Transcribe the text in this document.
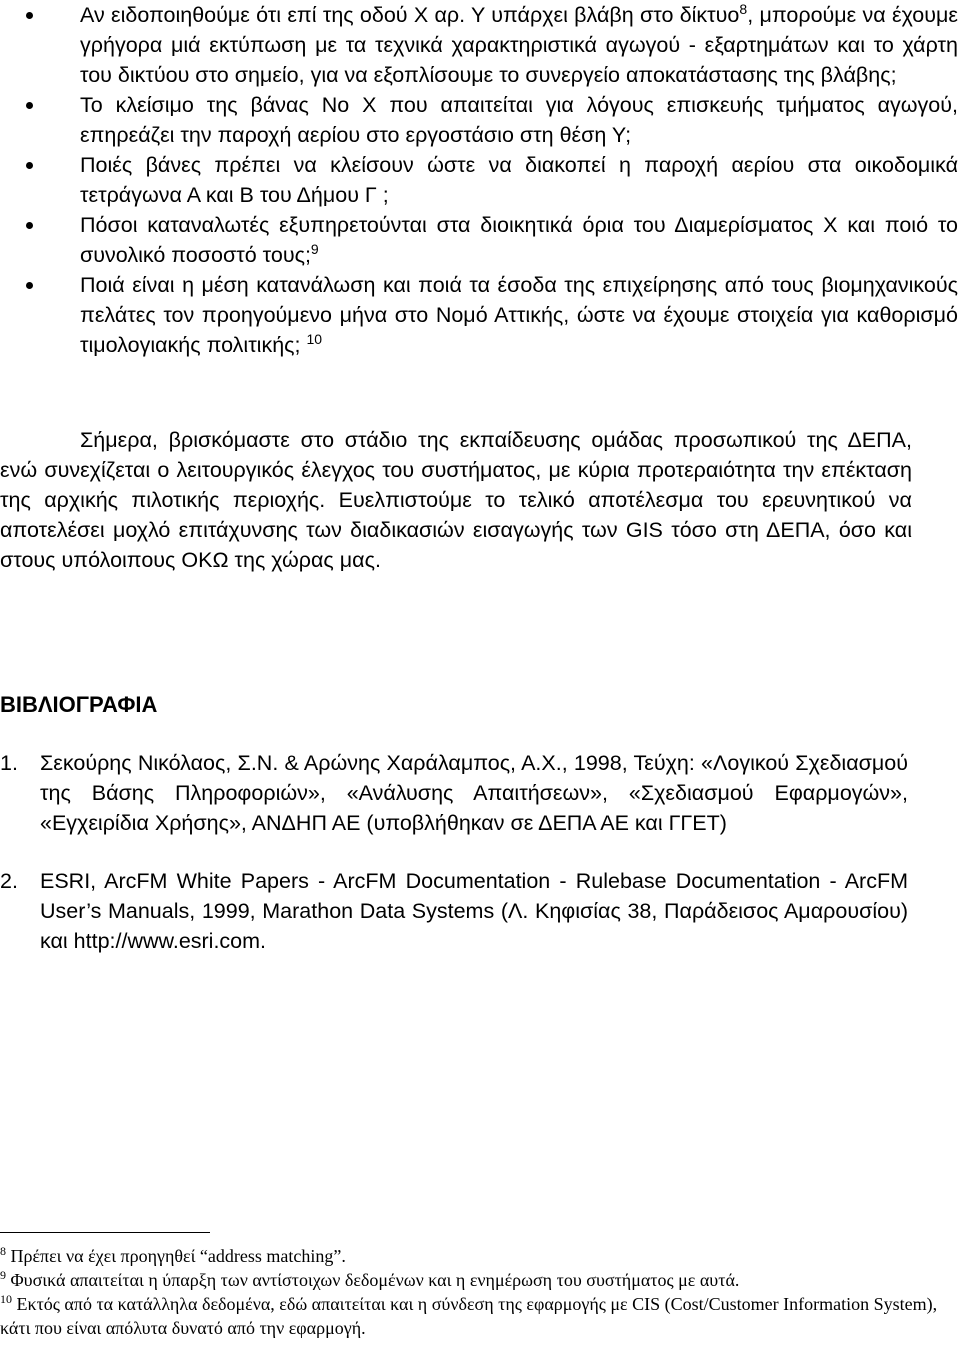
Αν ειδοποιηθούμε ότι επί της οδού Χ αρ. Υ υπάρχει βλάβη στο δίκτυο$^8$, μπορούμε να έχουμε γρήγορα μιά εκτύπωση με τα τεχνικά χαρακτηριστικά αγωγού - εξαρτημάτων και το χάρτη του δικτύου στο σημείο, για να εξοπλίσουμε το συνεργείο αποκατάστασης της βλάβης;
Το κλείσιμο της βάνας Νο Χ που απαιτείται για λόγους επισκευής τμήματος αγωγού, επηρεάζει την παροχή αερίου στο εργοστάσιο στη θέση Υ;
Ποιές βάνες πρέπει να κλείσουν ώστε να διακοπεί η παροχή αερίου στα οικοδομικά τετράγωνα Α και Β του Δήμου Γ ;
Πόσοι καταναλωτές εξυπηρετούνται στα διοικητικά όρια του Διαμερίσματος Χ και ποιό το συνολικό ποσοστό τους;$^9$
Ποιά είναι η μέση κατανάλωση και ποιά τα έσοδα της επιχείρησης από τους βιομηχανικούς πελάτες τον προηγούμενο μήνα στο Νομό Αττικής, ώστε να έχουμε στοιχεία για καθορισμό τιμολογιακής πολιτικής; $^{10}$

Σήμερα, βρισκόμαστε στο στάδιο της εκπαίδευσης ομάδας προσωπικού της ΔΕΠΑ, ενώ συνεχίζεται ο λειτουργικός έλεγχος του συστήματος, με κύρια προτεραιότητα την επέκταση της αρχικής πιλοτικής περιοχής. Ευελπιστούμε το τελικό αποτέλεσμα του ερευνητικού να αποτελέσει μοχλό επιτάχυνσης των διαδικασιών εισαγωγής των GIS τόσο στη ΔΕΠΑ, όσο και στους υπόλοιπους ΟΚΩ της χώρας μας.

ΒΙΒΛΙΟΓΡΑΦΙΑ
1. Σεκούρης Νικόλαος, Σ.Ν. & Αρώνης Χαράλαμπος, Α.Χ., 1998, Τεύχη: «Λογικού Σχεδιασμού της Βάσης Πληροφοριών», «Ανάλυσης Απαιτήσεων», «Σχεδιασμού Εφαρμογών», «Εγχειρίδια Χρήσης», ΑΝΔΗΠ ΑΕ (υποβλήθηκαν σε ΔΕΠΑ ΑΕ και ΓΓΕΤ)
2. ESRI, ArcFM White Papers - ArcFM Documentation - Rulebase Documentation - ArcFM User’s Manuals, 1999, Marathon Data Systems (Λ. Κηφισίας 38, Παράδεισος Αμαρουσίου) και http://www.esri.com.

$^8$ Πρέπει να έχει προηγηθεί “address matching”.

$^9$ Φυσικά απαιτείται η ύπαρξη των αντίστοιχων δεδομένων και η ενημέρωση του συστήματος με αυτά.

$^{10}$ Εκτός από τα κατάλληλα δεδομένα, εδώ απαιτείται και η σύνδεση της εφαρμογής με CIS (Cost/Customer Information System), κάτι που είναι απόλυτα δυνατό από την εφαρμογή.
